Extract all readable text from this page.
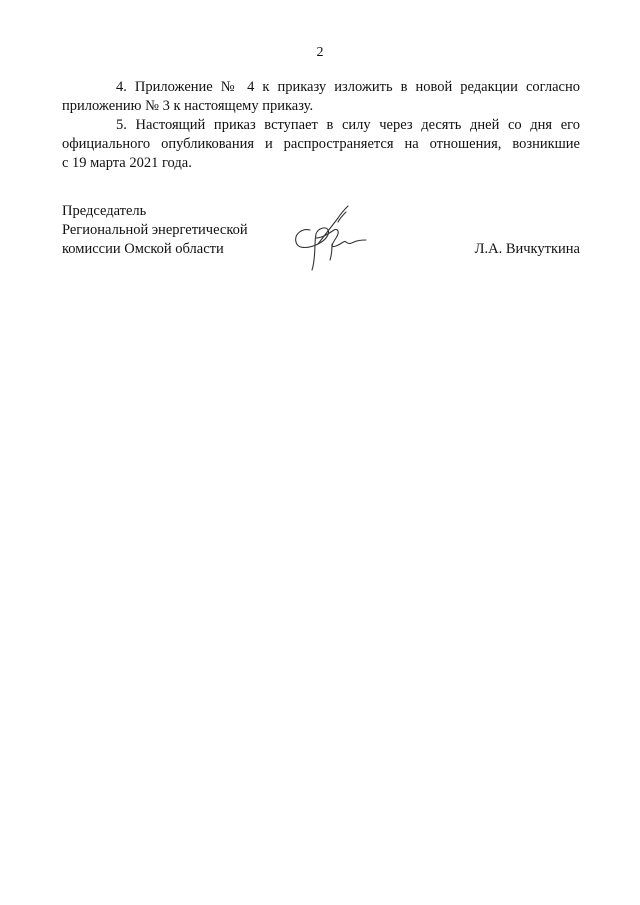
2

4. Приложение № 4 к приказу изложить в новой редакции согласно
приложению № 3 к настоящему приказу.

5. Настоящий приказ вступает в силу через десять дней со дня его
официального опубликования и распространяется на отношения, возникшие
с 19 марта 2021 года.

Председатель
Региональной энергетической
комиссии Омской области	Л.А. Вичкуткина
